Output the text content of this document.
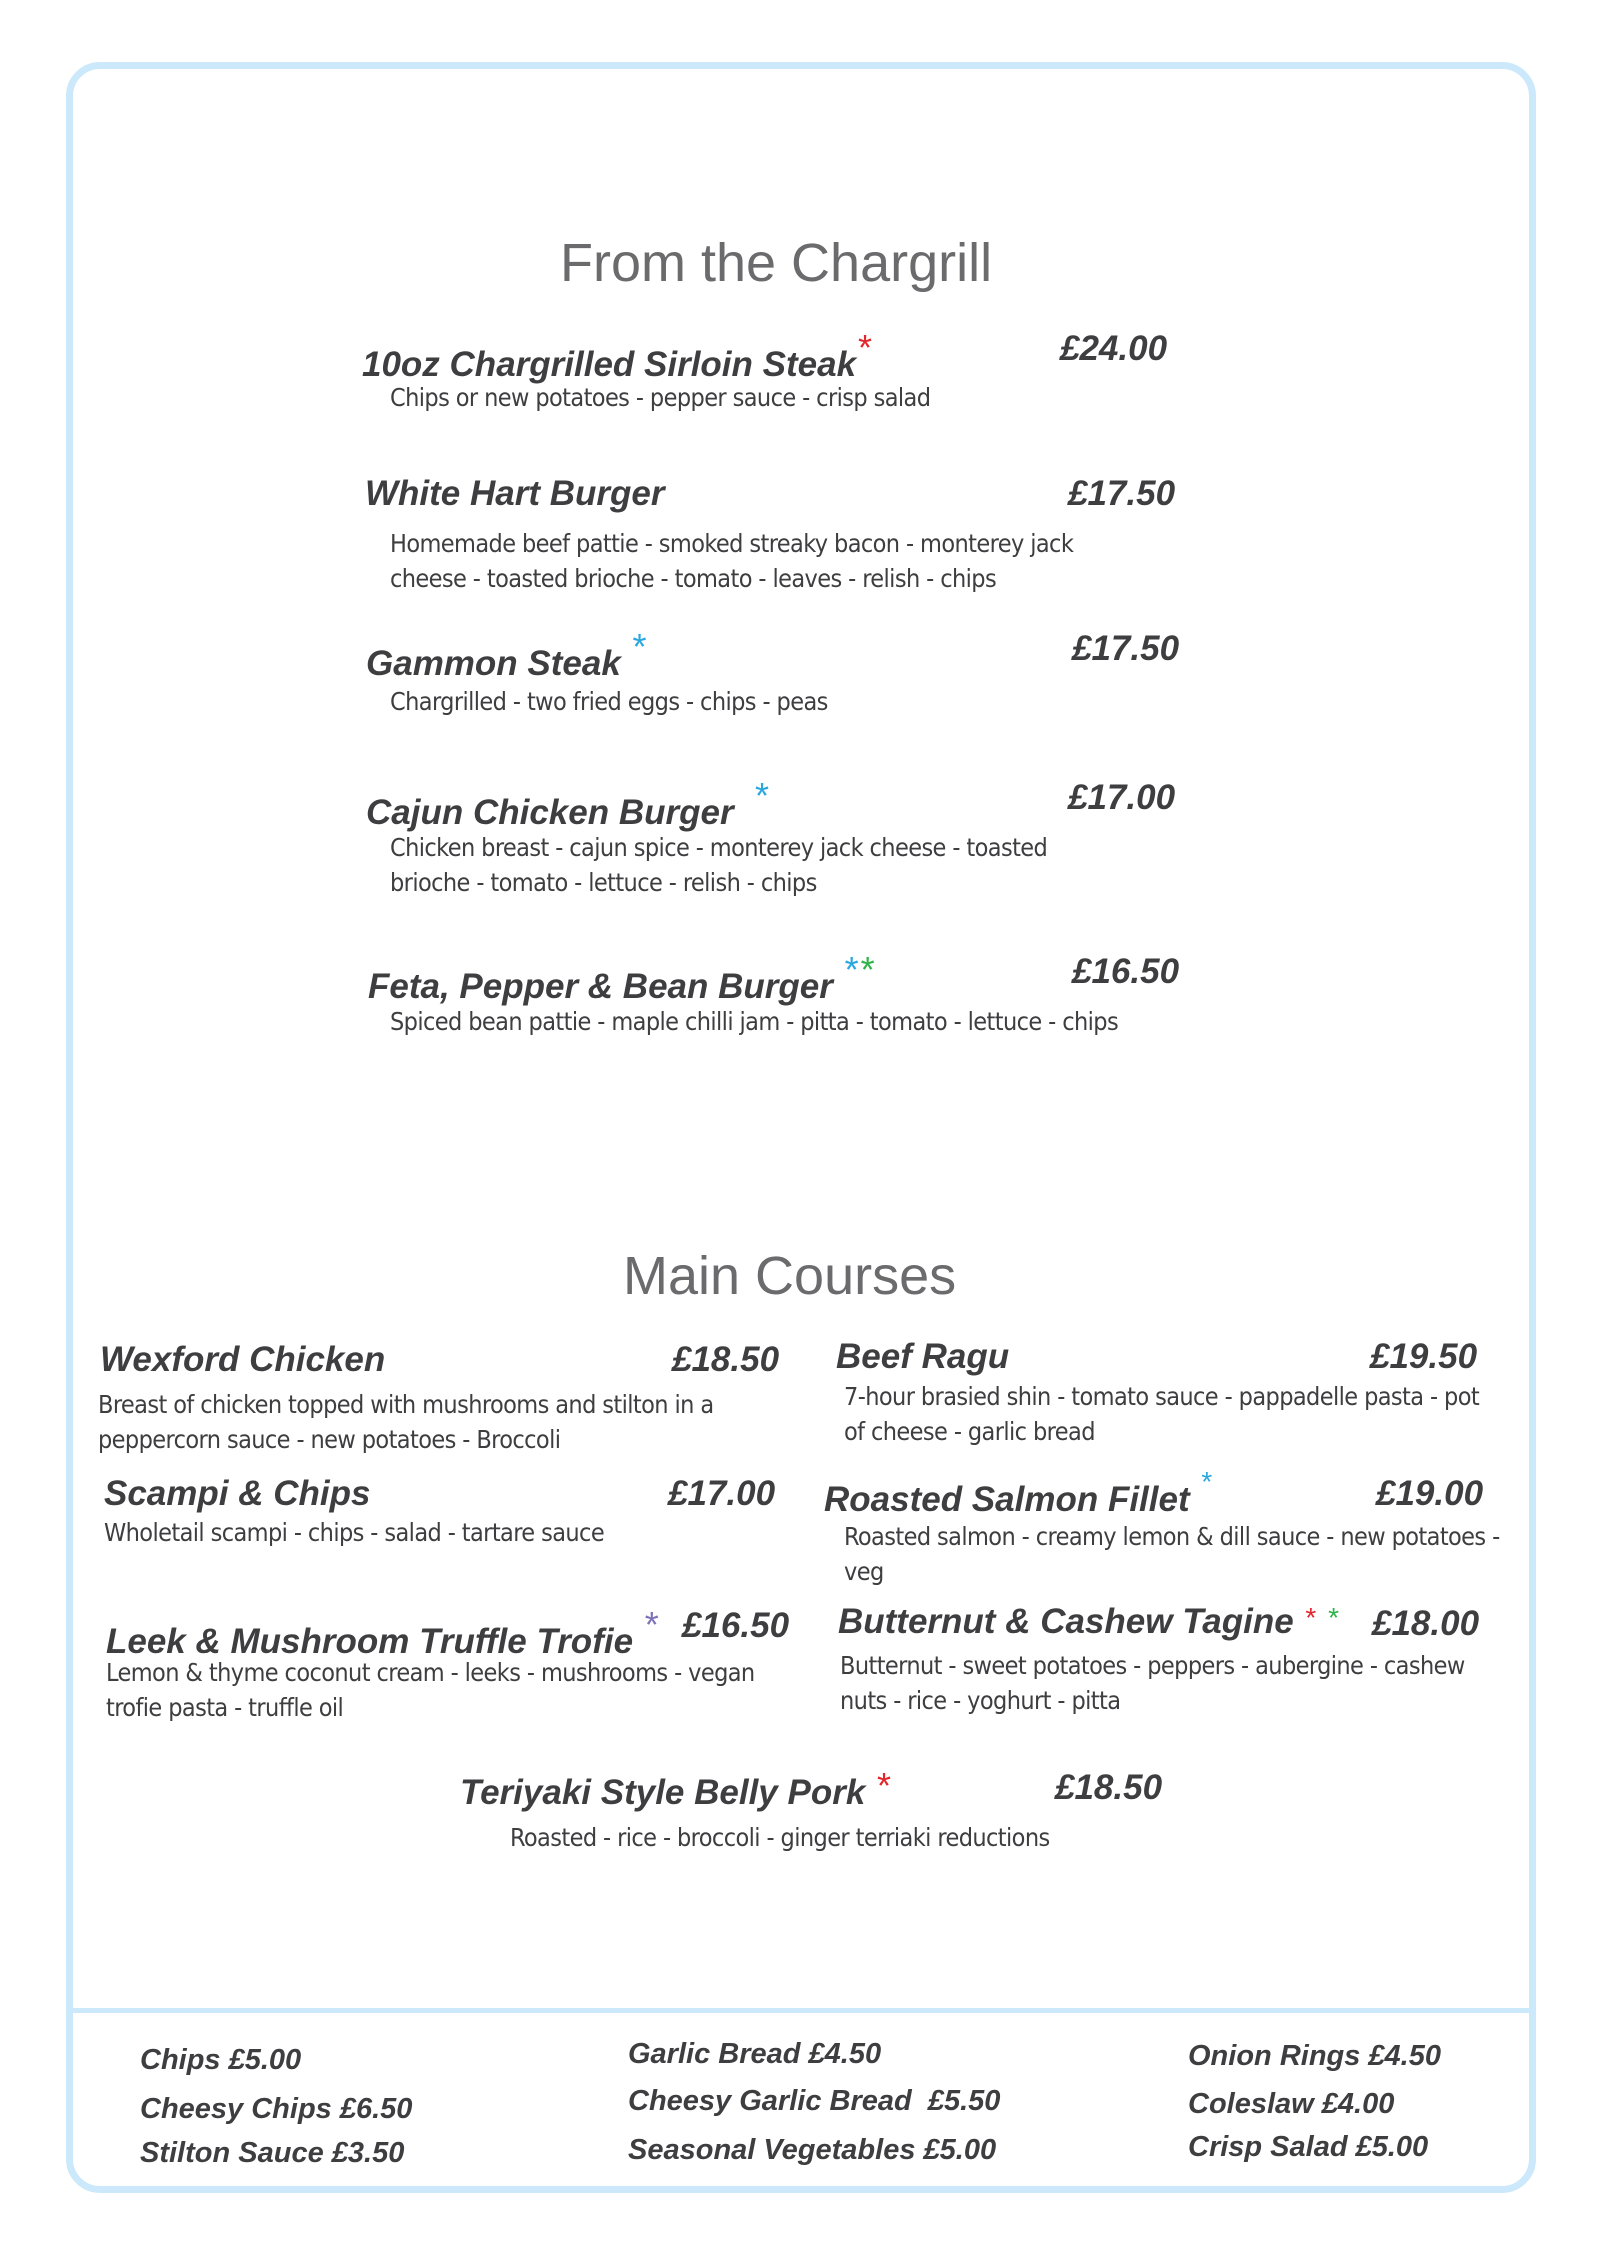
From the Chargrill
10oz Chargrilled Sirloin Steak*	£24.00
Chips or new potatoes - pepper sauce - crisp salad
White Hart Burger	£17.50
Homemade beef pattie - smoked streaky bacon - monterey jack cheese - toasted brioche - tomato - leaves - relish - chips
Gammon Steak *	£17.50
Chargrilled - two fried eggs - chips - peas
Cajun Chicken Burger *	£17.00
Chicken breast - cajun spice - monterey jack cheese - toasted brioche - tomato - lettuce - relish - chips
Feta, Pepper & Bean Burger **	£16.50
Spiced bean pattie - maple chilli jam - pitta - tomato - lettuce - chips
Main Courses
Wexford Chicken	£18.50
Breast of chicken topped with mushrooms and stilton in a peppercorn sauce - new potatoes - Broccoli
Beef Ragu	£19.50
7-hour brasied shin - tomato sauce - pappadelle pasta - pot of cheese - garlic bread
Scampi & Chips	£17.00
Wholetail scampi - chips - salad - tartare sauce
Roasted Salmon Fillet *	£19.00
Roasted salmon - creamy lemon & dill sauce - new potatoes - veg
Leek & Mushroom Truffle Trofie * £16.50
Lemon & thyme coconut cream - leeks - mushrooms - vegan trofie pasta - truffle oil
Butternut & Cashew Tagine * * £18.00
Butternut - sweet potatoes - peppers - aubergine - cashew nuts - rice - yoghurt - pitta
Teriyaki Style Belly Pork *	£18.50
Roasted - rice - broccoli - ginger terriaki reductions
Chips £5.00
Cheesy Chips £6.50
Stilton Sauce £3.50
Garlic Bread £4.50
Cheesy Garlic Bread  £5.50
Seasonal Vegetables £5.00
Onion Rings £4.50
Coleslaw £4.00
Crisp Salad £5.00
